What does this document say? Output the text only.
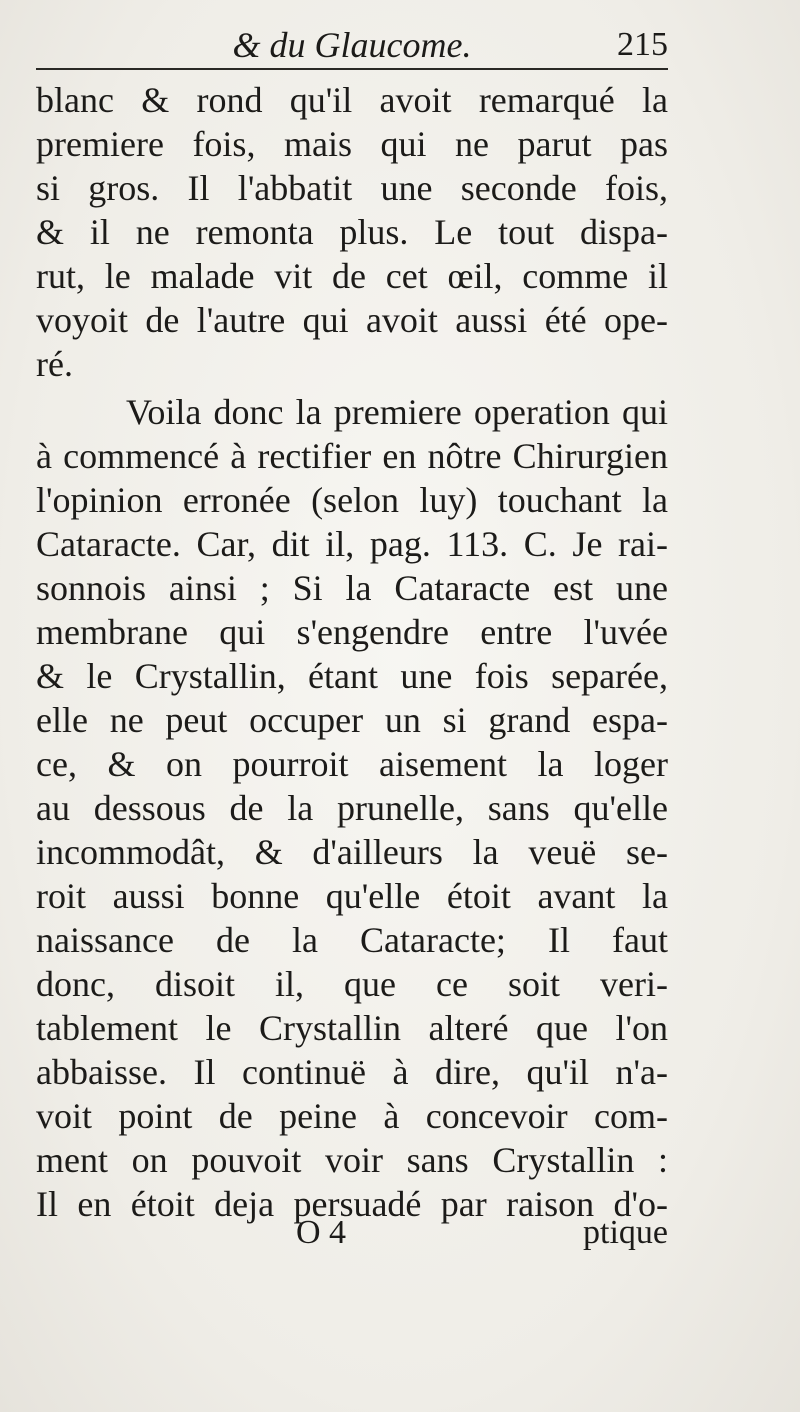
& du Glaucome.	215
blanc & rond qu'il avoit remarqué la
premiere fois, mais qui ne parut pas
si gros. Il l'abbatit une seconde fois,
& il ne remonta plus. Le tout dispa-
rut, le malade vit de cet œil, comme il
voyoit de l'autre qui avoit aussi été ope-
ré.
Voila donc la premiere operation qui
à commencé à rectifier en nôtre Chirurgien
l'opinion erronée (selon luy) touchant la
Cataracte. Car, dit il, pag. 113. C. Je rai-
sonnois ainsi ; Si la Cataracte est une
membrane qui s'engendre entre l'uvée
& le Crystallin, étant une fois separée,
elle ne peut occuper un si grand espa-
ce, & on pourroit aisement la loger
au dessous de la prunelle, sans qu'elle
incommodât, & d'ailleurs la veuë se-
roit aussi bonne qu'elle étoit avant la
naissance de la Cataracte; Il faut
donc, disoit il, que ce soit veri-
tablement le Crystallin alteré que l'on
abbaisse. Il continuë à dire, qu'il n'a-
voit point de peine à concevoir com-
ment on pouvoit voir sans Crystallin :
Il en étoit deja persuadé par raison d'o-
O 4	ptique
